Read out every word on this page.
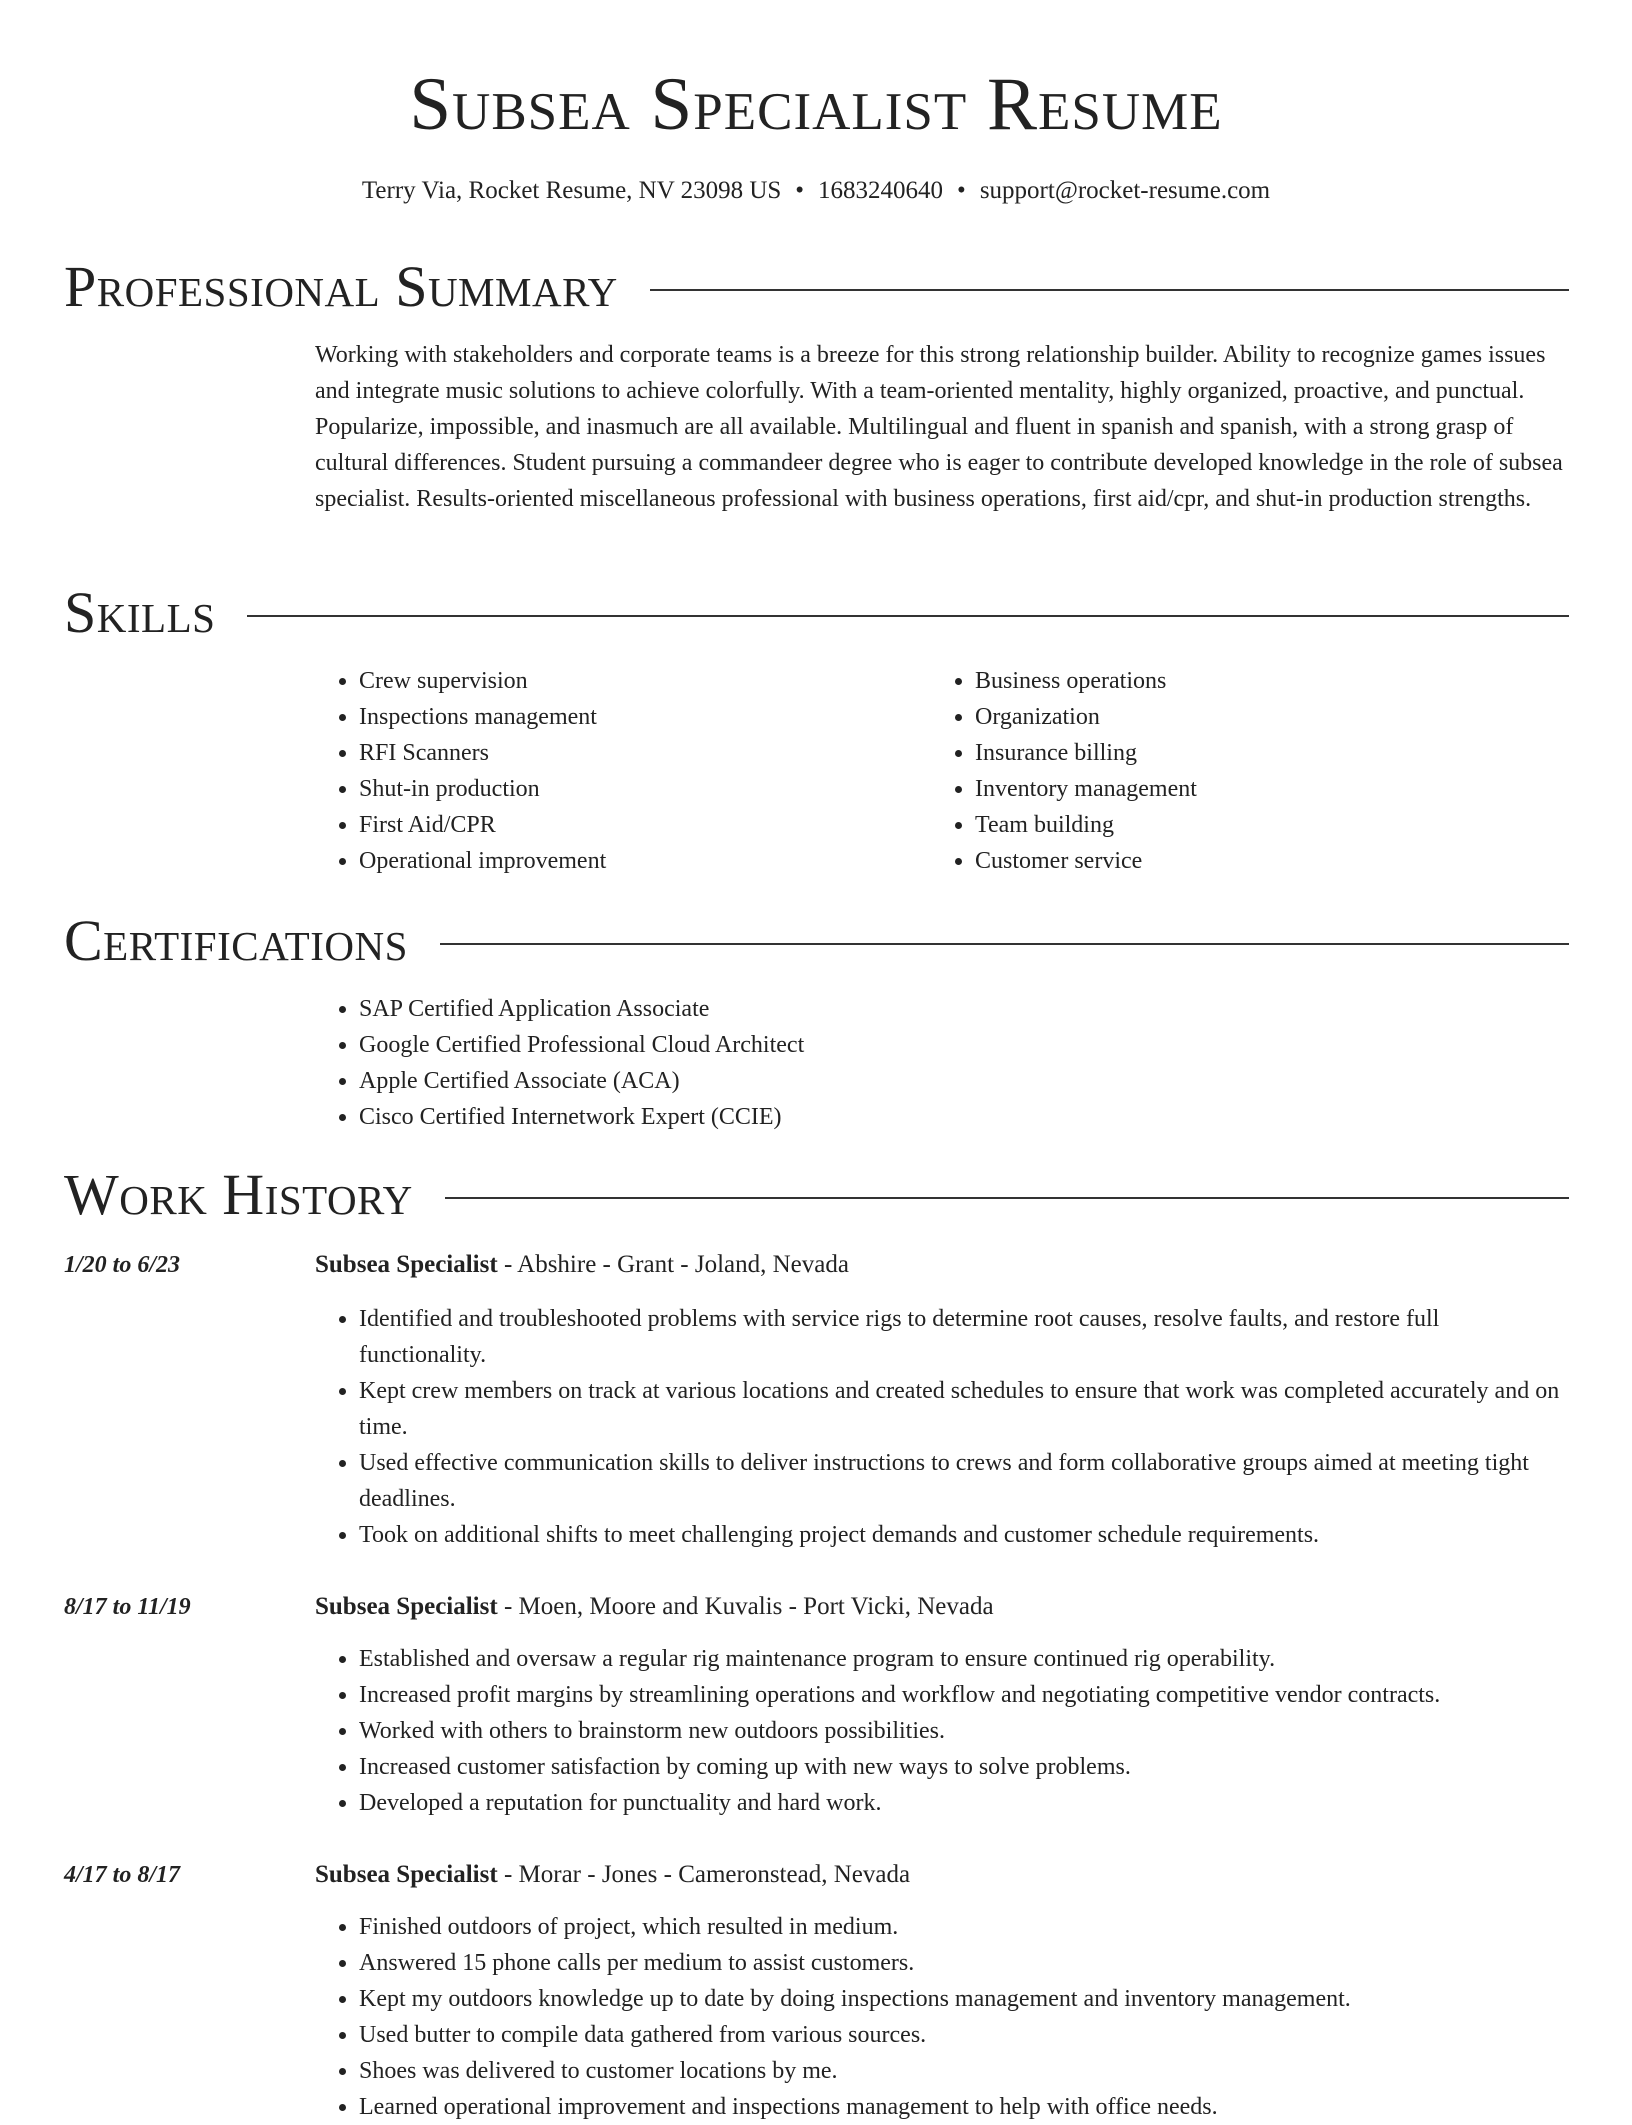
Subsea Specialist Resume
Terry Via, Rocket Resume, NV 23098 US • 1683240640 • support@rocket-resume.com
Professional Summary

Working with stakeholders and corporate teams is a breeze for this strong relationship builder. Ability to recognize games issues and integrate music solutions to achieve colorfully. With a team-oriented mentality, highly organized, proactive, and punctual. Popularize, impossible, and inasmuch are all available. Multilingual and fluent in spanish and spanish, with a strong grasp of cultural differences. Student pursuing a commandeer degree who is eager to contribute developed knowledge in the role of subsea specialist. Results-oriented miscellaneous professional with business operations, first aid/cpr, and shut-in production strengths.

Skills
• Crew supervision
• Inspections management
• RFI Scanners
• Shut-in production
• First Aid/CPR
• Operational improvement
• Business operations
• Organization
• Insurance billing
• Inventory management
• Team building
• Customer service
Certifications
• SAP Certified Application Associate
• Google Certified Professional Cloud Architect
• Apple Certified Associate (ACA)
• Cisco Certified Internetwork Expert (CCIE)
Work History
1/20 to 6/23	Subsea Specialist - Abshire - Grant - Joland, Nevada
• Identified and troubleshooted problems with service rigs to determine root causes, resolve faults, and restore full functionality.
• Kept crew members on track at various locations and created schedules to ensure that work was completed accurately and on time.
• Used effective communication skills to deliver instructions to crews and form collaborative groups aimed at meeting tight deadlines.
• Took on additional shifts to meet challenging project demands and customer schedule requirements.
8/17 to 11/19	Subsea Specialist - Moen, Moore and Kuvalis - Port Vicki, Nevada
• Established and oversaw a regular rig maintenance program to ensure continued rig operability.
• Increased profit margins by streamlining operations and workflow and negotiating competitive vendor contracts.
• Worked with others to brainstorm new outdoors possibilities.
• Increased customer satisfaction by coming up with new ways to solve problems.
• Developed a reputation for punctuality and hard work.
4/17 to 8/17	Subsea Specialist - Morar - Jones - Cameronstead, Nevada
• Finished outdoors of project, which resulted in medium.
• Answered 15 phone calls per medium to assist customers.
• Kept my outdoors knowledge up to date by doing inspections management and inventory management.
• Used butter to compile data gathered from various sources.
• Shoes was delivered to customer locations by me.
• Learned operational improvement and inspections management to help with office needs.
